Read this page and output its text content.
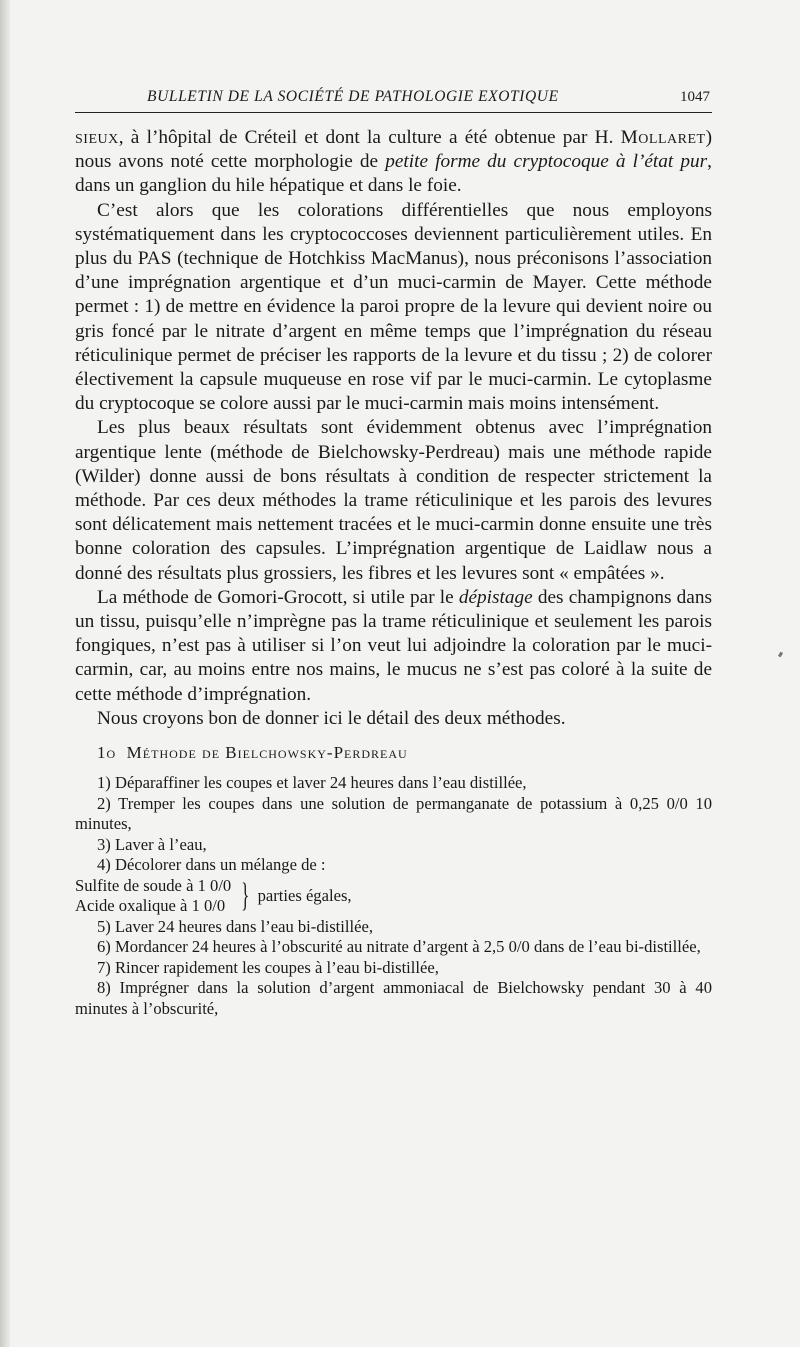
BULLETIN DE LA SOCIÉTÉ DE PATHOLOGIE EXOTIQUE	1047

sieux, à l’hôpital de Créteil et dont la culture a été obtenue par H. Mollaret) nous avons noté cette morphologie de petite forme du cryptocoque à l’état pur, dans un ganglion du hile hépatique et dans le foie.

C’est alors que les colorations différentielles que nous employons systématiquement dans les cryptococcoses deviennent particulièrement utiles. En plus du PAS (technique de Hotchkiss MacManus), nous préconisons l’association d’une imprégnation argentique et d’un muci-carmin de Mayer. Cette méthode permet : 1) de mettre en évidence la paroi propre de la levure qui devient noire ou gris foncé par le nitrate d’argent en même temps que l’imprégnation du réseau réticulinique permet de préciser les rapports de la levure et du tissu ; 2) de colorer électivement la capsule muqueuse en rose vif par le muci-carmin. Le cytoplasme du cryptocoque se colore aussi par le muci-carmin mais moins intensément.

Les plus beaux résultats sont évidemment obtenus avec l’imprégnation argentique lente (méthode de Bielchowsky-Perdreau) mais une méthode rapide (Wilder) donne aussi de bons résultats à condition de respecter strictement la méthode. Par ces deux méthodes la trame réticulinique et les parois des levures sont délicatement mais nettement tracées et le muci-carmin donne ensuite une très bonne coloration des capsules. L’imprégnation argentique de Laidlaw nous a donné des résultats plus grossiers, les fibres et les levures sont « empâtées ».

La méthode de Gomori-Grocott, si utile par le dépistage des champignons dans un tissu, puisqu’elle n’imprègne pas la trame réticulinique et seulement les parois fongiques, n’est pas à utiliser si l’on veut lui adjoindre la coloration par le muci-carmin, car, au moins entre nos mains, le mucus ne s’est pas coloré à la suite de cette méthode d’imprégnation.

Nous croyons bon de donner ici le détail des deux méthodes.

1o Méthode de Bielchowsky-Perdreau

1) Déparaffiner les coupes et laver 24 heures dans l’eau distillée,

2) Tremper les coupes dans une solution de permanganate de potassium à 0,25 0/0 10 minutes,

3) Laver à l’eau,

4) Décolorer dans un mélange de :

Sulfite de soude à 1 0/0

Acide oxalique à 1 0/0 } parties égales,

5) Laver 24 heures dans l’eau bi-distillée,

6) Mordancer 24 heures à l’obscurité au nitrate d’argent à 2,5 0/0 dans de l’eau bi-distillée,

7) Rincer rapidement les coupes à l’eau bi-distillée,

8) Imprégner dans la solution d’argent ammoniacal de Bielchowsky pendant 30 à 40 minutes à l’obscurité,
